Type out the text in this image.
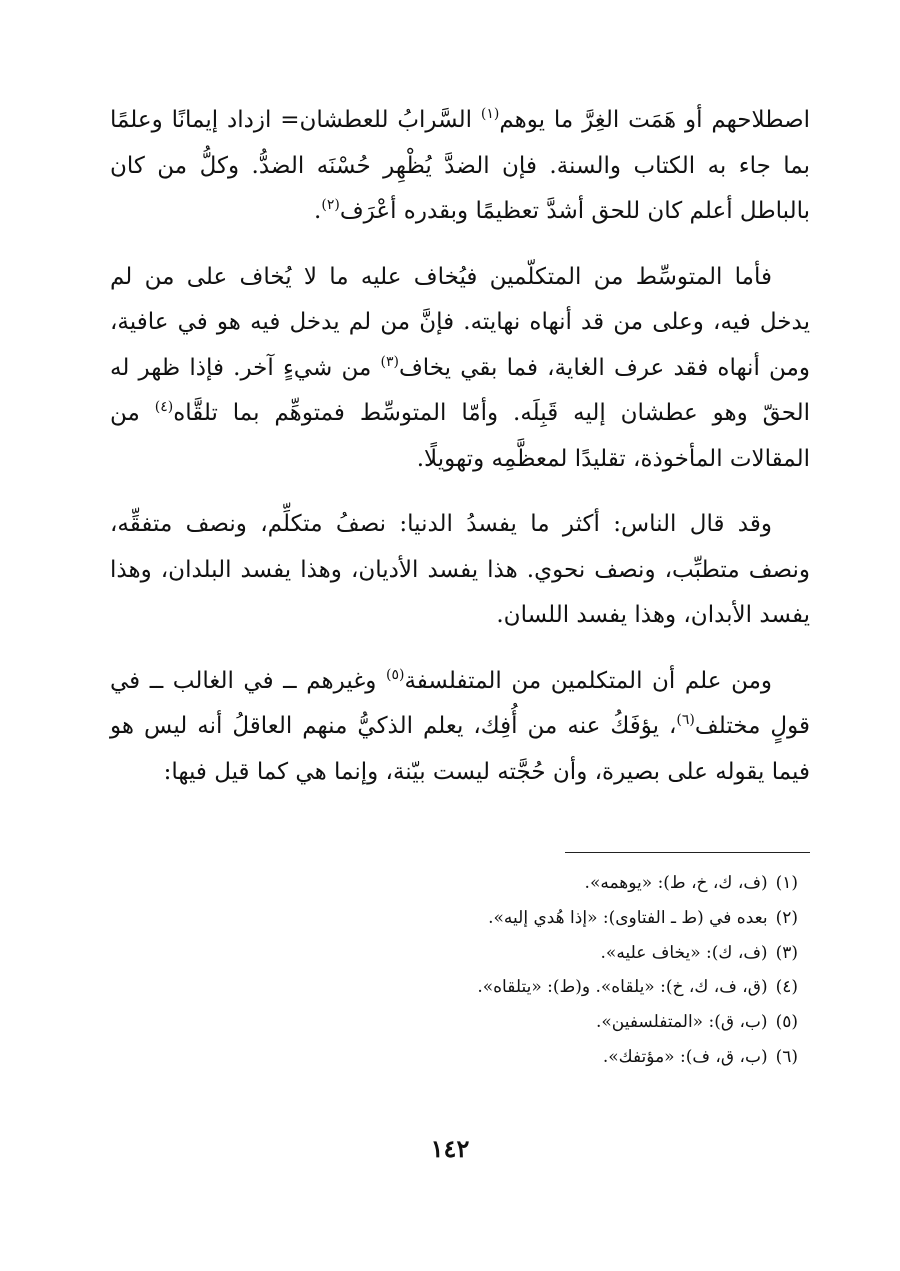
اصطلاحهم أو هَمَت الغِرَّ ما يوهم$^{(١)}$ السَّرابُ للعطشان= ازداد إيمانًا وعلمًا بما جاء به الكتاب والسنة. فإن الضدَّ يُظْهِر حُسْنَه الضدُّ. وكلُّ من كان بالباطل أعلم كان للحق أشدَّ تعظيمًا وبقدره أعْرَف$^{(٢)}$.

فأما المتوسِّط من المتكلّمين فيُخاف عليه ما لا يُخاف على من لم يدخل فيه، وعلى من قد أنهاه نهايته. فإنَّ من لم يدخل فيه هو في عافية، ومن أنهاه فقد عرف الغاية، فما بقي يخاف$^{(٣)}$ من شيءٍ آخر. فإذا ظهر له الحقّ وهو عطشان إليه قَبِلَه. وأمّا المتوسِّط فمتوهِّم بما تلقَّاه$^{(٤)}$ من المقالات المأخوذة، تقليدًا لمعظَّمِه وتهويلًا.

وقد قال الناس: أكثر ما يفسدُ الدنيا: نصفُ متكلِّم، ونصف متفقِّه، ونصف متطبِّب، ونصف نحوي. هذا يفسد الأديان، وهذا يفسد البلدان، وهذا يفسد الأبدان، وهذا يفسد اللسان.

ومن علم أن المتكلمين من المتفلسفة$^{(٥)}$ وغيرهم ــ في الغالب ــ في قولٍ مختلف$^{(٦)}$، يؤفَكُ عنه من أُفِك، يعلم الذكيُّ منهم العاقلُ أنه ليس هو فيما يقوله على بصيرة، وأن حُجَّته ليست بيّنة، وإنما هي كما قيل فيها:

(١)(ف، ك، خ، ط): «يوهمه».
(٢)بعده في (ط ـ الفتاوى): «إذا هُدي إليه».
(٣)(ف، ك): «يخاف عليه».
(٤)(ق، ف، ك، خ): «يلقاه». و(ط): «يتلقاه».
(٥)(ب، ق): «المتفلسفين».
(٦)(ب، ق، ف): «مؤتفك».
١٤٢
